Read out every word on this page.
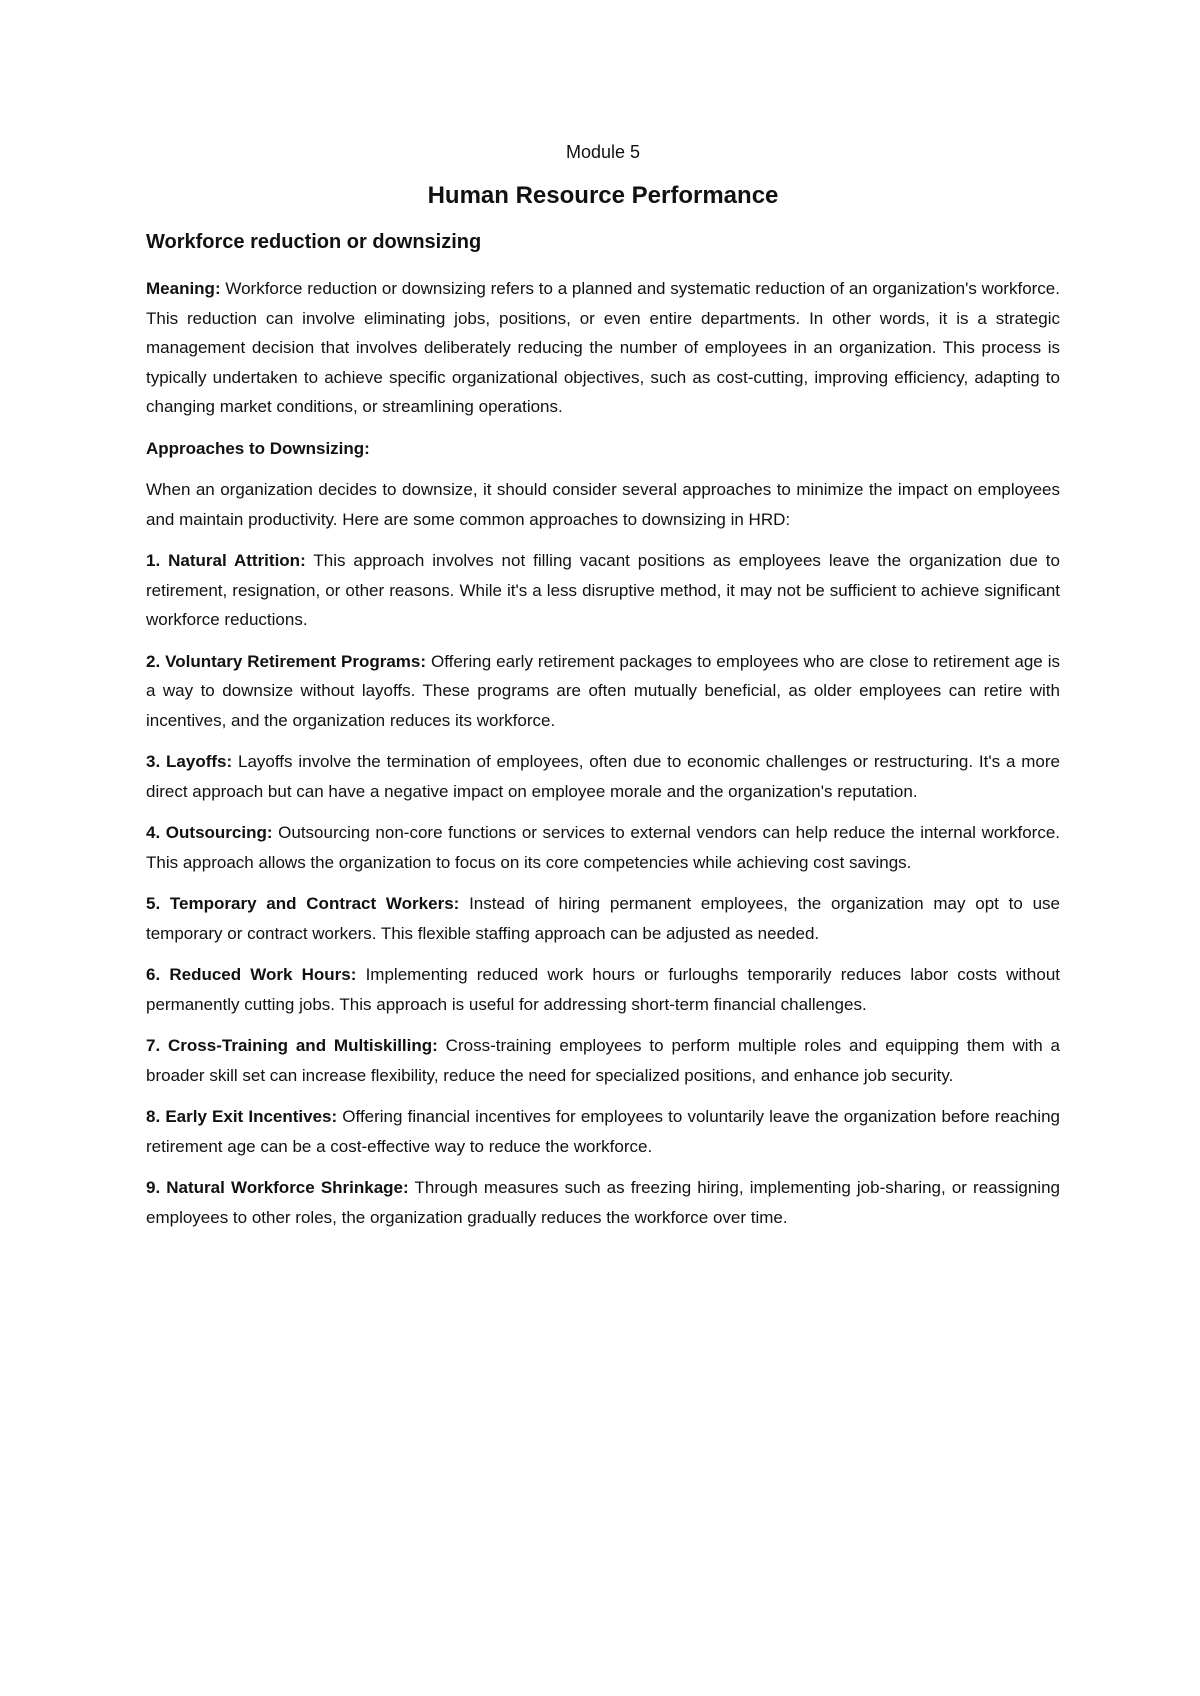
Module 5

Human Resource Performance
Workforce reduction or downsizing

Meaning: Workforce reduction or downsizing refers to a planned and systematic reduction of an organization's workforce. This reduction can involve eliminating jobs, positions, or even entire departments. In other words, it is a strategic management decision that involves deliberately reducing the number of employees in an organization. This process is typically undertaken to achieve specific organizational objectives, such as cost-cutting, improving efficiency, adapting to changing market conditions, or streamlining operations.

Approaches to Downsizing:

When an organization decides to downsize, it should consider several approaches to minimize the impact on employees and maintain productivity. Here are some common approaches to downsizing in HRD:

1. Natural Attrition: This approach involves not filling vacant positions as employees leave the organization due to retirement, resignation, or other reasons. While it's a less disruptive method, it may not be sufficient to achieve significant workforce reductions.

2. Voluntary Retirement Programs: Offering early retirement packages to employees who are close to retirement age is a way to downsize without layoffs. These programs are often mutually beneficial, as older employees can retire with incentives, and the organization reduces its workforce.

3. Layoffs: Layoffs involve the termination of employees, often due to economic challenges or restructuring. It's a more direct approach but can have a negative impact on employee morale and the organization's reputation.

4. Outsourcing: Outsourcing non-core functions or services to external vendors can help reduce the internal workforce. This approach allows the organization to focus on its core competencies while achieving cost savings.

5. Temporary and Contract Workers: Instead of hiring permanent employees, the organization may opt to use temporary or contract workers. This flexible staffing approach can be adjusted as needed.

6. Reduced Work Hours: Implementing reduced work hours or furloughs temporarily reduces labor costs without permanently cutting jobs. This approach is useful for addressing short-term financial challenges.

7. Cross-Training and Multiskilling: Cross-training employees to perform multiple roles and equipping them with a broader skill set can increase flexibility, reduce the need for specialized positions, and enhance job security.

8. Early Exit Incentives: Offering financial incentives for employees to voluntarily leave the organization before reaching retirement age can be a cost-effective way to reduce the workforce.

9. Natural Workforce Shrinkage: Through measures such as freezing hiring, implementing job-sharing, or reassigning employees to other roles, the organization gradually reduces the workforce over time.
